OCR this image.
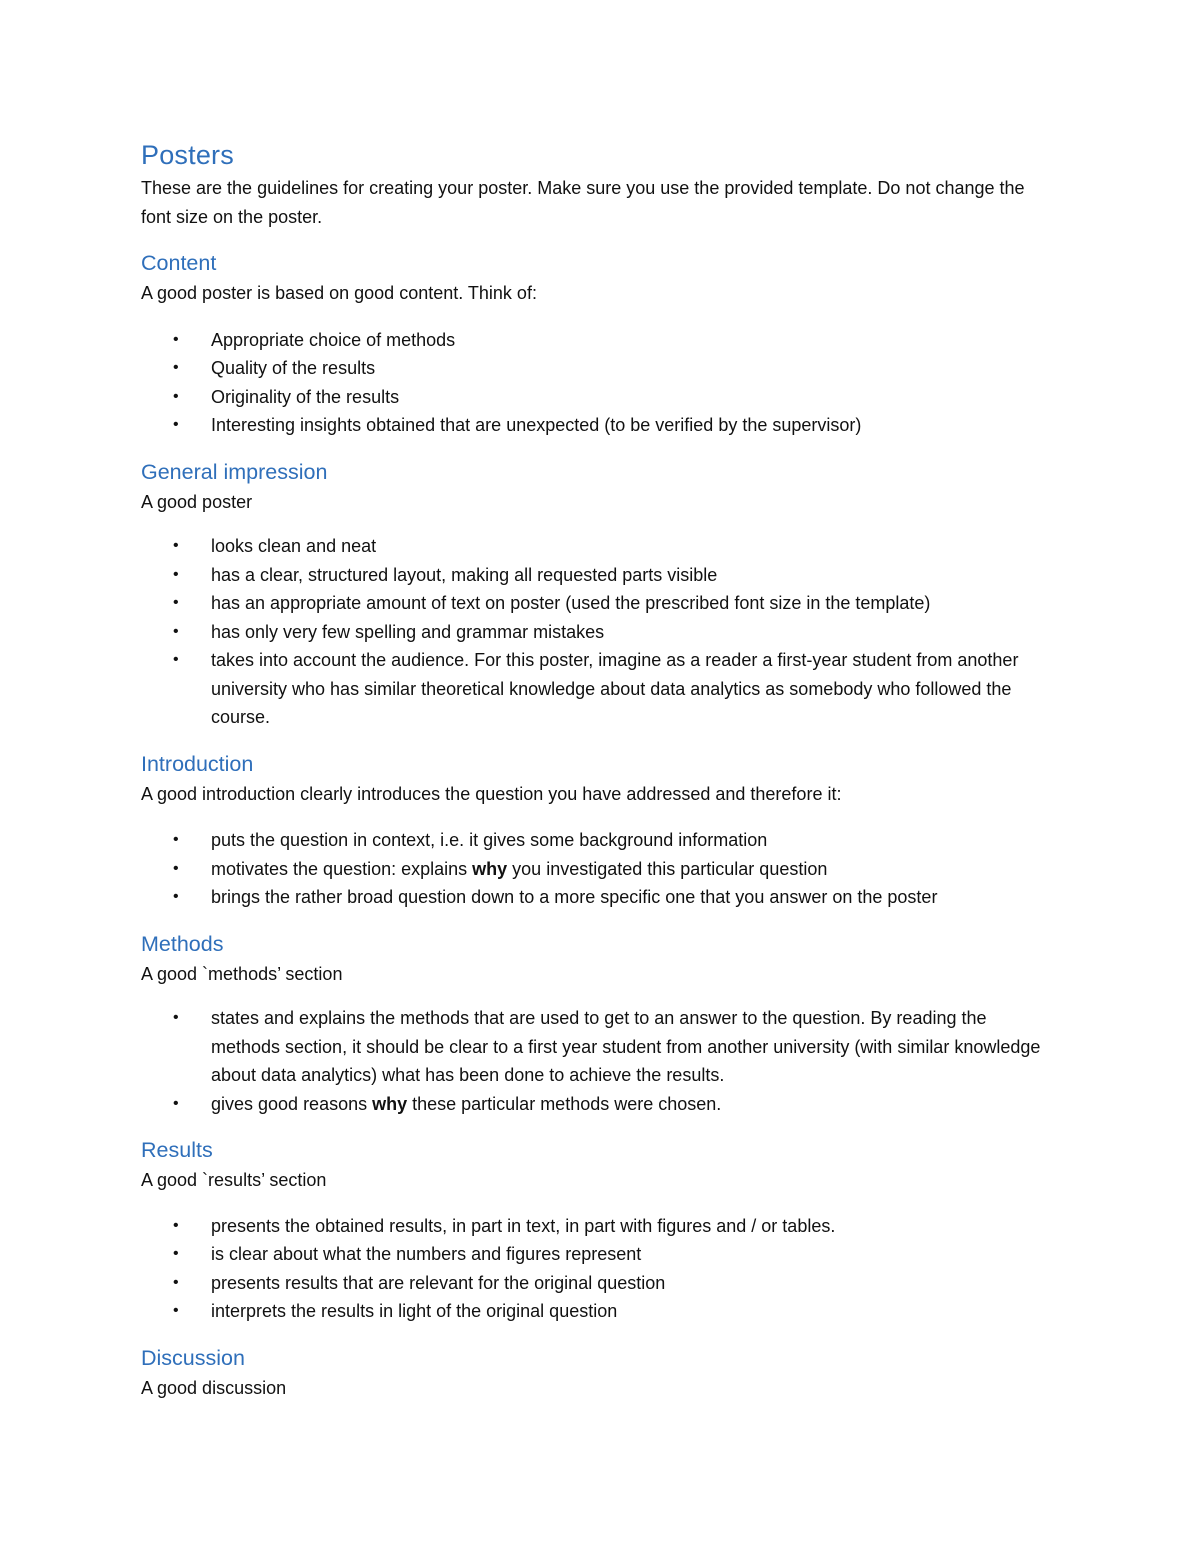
Posters

These are the guidelines for creating your poster. Make sure you use the provided template. Do not change the font size on the poster.

Content

A good poster is based on good content. Think of:

• Appropriate choice of methods
• Quality of the results
• Originality of the results
• Interesting insights obtained that are unexpected (to be verified by the supervisor)
General impression

A good poster

• looks clean and neat
• has a clear, structured layout, making all requested parts visible
• has an appropriate amount of text on poster (used the prescribed font size in the template)
• has only very few spelling and grammar mistakes
• takes into account the audience. For this poster, imagine as a reader a first-year student from another university who has similar theoretical knowledge about data analytics as somebody who followed the course.
Introduction

A good introduction clearly introduces the question you have addressed and therefore it:

• puts the question in context, i.e. it gives some background information
• motivates the question: explains why you investigated this particular question
• brings the rather broad question down to a more specific one that you answer on the poster
Methods

A good `methods’ section

• states and explains the methods that are used to get to an answer to the question. By reading the methods section, it should be clear to a first year student from another university (with similar knowledge about data analytics) what has been done to achieve the results.
• gives good reasons why these particular methods were chosen.
Results

A good `results’ section

• presents the obtained results, in part in text, in part with figures and / or tables.
• is clear about what the numbers and figures represent
• presents results that are relevant for the original question
• interprets the results in light of the original question
Discussion

A good discussion
